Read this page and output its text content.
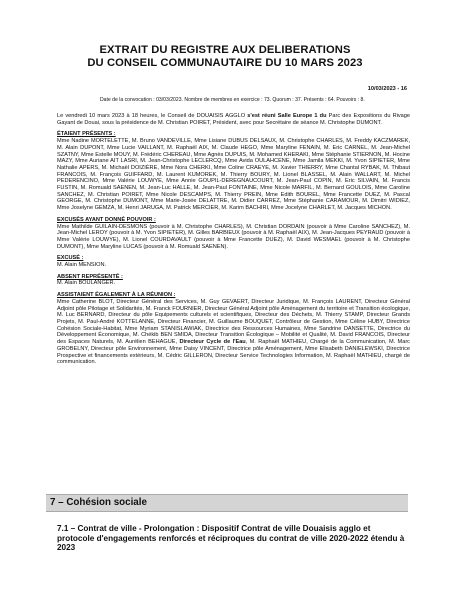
EXTRAIT DU REGISTRE AUX DELIBERATIONS
DU CONSEIL COMMUNAUTAIRE DU 10 MARS 2023
10/03/2023 - 16
Date de la convocation : 03/03/2023. Nombre de membres en exercice : 73. Quorum : 37. Présents : 64. Pouvoirs : 8.

Le vendredi 10 mars 2023 à 18 heures, le Conseil de DOUAISIS AGGLO s'est réuni Salle Europe 1 du Parc des Expositions du Rivage Gayant de Douai, sous la présidence de M. Christian POIRET, Président, avec pour Secrétaire de séance M. Christophe DUMONT.

ÉTAIENT PRÉSENTS :

Mme Nadine MORTELETTE, M. Bruno VANDEVILLE, Mme Lisiane DUBUS DELSAUX, M. Christophe CHARLES, M. Freddy KACZMAREK, M. Alain DUPONT, Mme Lucie VAILLANT, M. Raphaël AIX, M. Claude HEGO, Mme Maryline FENAIN, M. Eric CARNEL, M. Jean-Michel SZATNY, Mme Estelle MOUY, M. Frédéric CHEREAU, Mme Agnès DUPUIS, M. Mohamed KHERAKI, Mme Stéphanie STIERNON, M. Hocine MAZY, Mme Auriane AIT LASRI, M. Jean-Christophe LECLERCQ, Mme Avida OULAHCENE, Mme Jamila MEKKI, M. Yvon SIPIETER, Mme Nathalie APERS, M. Michaël DOIZIÈRE, Mme Nora CHERKI, Mme Coline CRAEYE, M. Xavier THIERRY, Mme Chantal RYBAK, M. Thibaut FRANCOIS, M. François GUIFFARD, M. Laurent KUMOREK, M. Thierry BOURY, M. Lionel BLASSEL, M. Alain WALLART, M. Michel PEDERENCINO, Mme Valérie LOUWYE, Mme Annie GOUPIL-DEREGNAUCOURT, M. Jean-Paul COPIN, M. Eric SILVAIN, M. Francis FUSTIN, M. Romuald SAENEN, M. Jean-Luc HALLE, M. Jean-Paul FONTAINE, Mme Nicole MARFIL, M. Bernard GOULOIS, Mme Caroline SANCHEZ, M. Christian POIRET, Mme Nicole DESCAMPS, M. Thierry PREIN, Mme Edith BOUREL, Mme Francette DUEZ, M. Pascal GEORGE, M. Christophe DUMONT, Mme Marie-Josée DELATTRE, M. Didier CARREZ, Mme Stéphanie CARAMOUR, M. Dimitri WIDIEZ, Mme Joselyne GEMZA, M. Henri JARUGA, M. Patrick MERCIER, M. Karim BACHIRI, Mme Jocelyne CHARLET, M. Jacques MICHON.

EXCUSÉS AYANT DONNÉ POUVOIR :

Mme Mathilde GUILAIN-DESMONS (pouvoir à M. Christophe CHARLES), M. Christian DORDAIN (pouvoir à Mme Caroline SANCHEZ), M. Jean-Michel LEROY (pouvoir à M. Yvon SIPIETER), M. Gilles BARBIEUX (pouvoir à M. Raphaël AIX), M. Jean-Jacques PEYRAUD (pouvoir à Mme Valérie LOUWYE), M. Lionel COURDAVAULT (pouvoir à Mme Francette DUEZ), M. David WESMAEL (pouvoir à M. Christophe DUMONT), Mme Maryline LUCAS (pouvoir à M. Romuald SAENEN).

EXCUSÉ :

M. Alain MENSION.

ABSENT REPRÉSENTÉ :

M. Alain BOULANGER.

ASSISTAIENT ÉGALEMENT À LA RÉUNION :

Mme Catherine BLOT, Directeur Général des Services, M. Guy GEVAERT, Directeur Juridique, M. François LAURENT, Directeur Général Adjoint pôle Pilotage et Solidarités, M. Franck FOURNIER, Directeur Général Adjoint pôle Aménagement du territoire et Transition écologique, M. Luc BERNARD, Directeur du pôle Equipements culturels et scientifiques, Directeur des Déchets, M. Thierry STAMP, Directeur Grands Projets, M. Paul-André KOTTELANNE, Directeur Financier, M. Guillaume BOUQUET, Contrôleur de Gestion, Mme Céline HUBY, Directrice Cohésion Sociale-Habitat, Mme Myriam STANISLAWIAK, Directrice des Ressources Humaines, Mme Sandrine DANSETTE, Directrice du Développement Économique, M. Chékib BEN SMIDA, Directeur Transition Écologique – Mobilité et Qualité, M. David FRANCOIS, Directeur des Espaces Naturels, M. Aurélien BEHAGUE, Directeur Cycle de l'Eau, M. Raphaël MATHIEU, Chargé de la Communication, M. Marc GROBELNY, Directeur pôle Environnement, Mme Daisy VINCENT, Directrice pôle Aménagement, Mme Elisabeth DANIELEWSKI, Directrice Prospective et financements extérieurs, M. Cédric GILLERON, Directeur Service Technologies Information, M. Raphaël MATHIEU, chargé de communication.

7 – Cohésion sociale
7.1 – Contrat de ville - Prolongation : Dispositif Contrat de ville Douaisis agglo et protocole d'engagements renforcés et réciproques du contrat de ville 2020-2022 étendu à 2023
